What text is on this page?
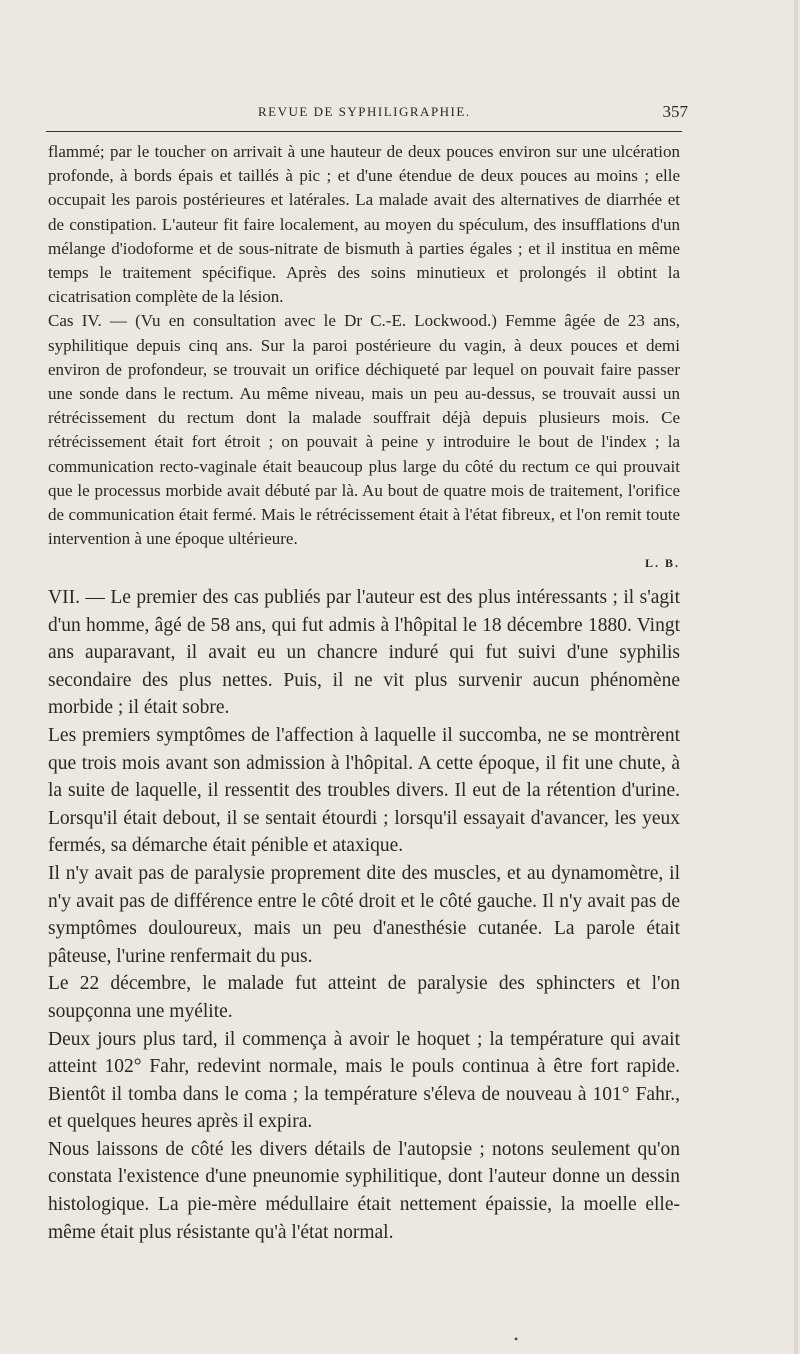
REVUE DE SYPHILIGRAPHIE.	357

flammé; par le toucher on arrivait à une hauteur de deux pouces environ sur une ulcération profonde, à bords épais et taillés à pic ; et d'une étendue de deux pouces au moins ; elle occupait les parois postérieures et latérales. La malade avait des alternatives de diarrhée et de constipation. L'auteur fit faire localement, au moyen du spéculum, des insufflations d'un mélange d'iodoforme et de sous-nitrate de bismuth à parties égales ; et il institua en même temps le traitement spécifique. Après des soins minutieux et prolongés il obtint la cicatrisation complète de la lésion.

Cas IV. — (Vu en consultation avec le Dr C.-E. Lockwood.) Femme âgée de 23 ans, syphilitique depuis cinq ans. Sur la paroi postérieure du vagin, à deux pouces et demi environ de profondeur, se trouvait un orifice déchiqueté par lequel on pouvait faire passer une sonde dans le rectum. Au même niveau, mais un peu au-dessus, se trouvait aussi un rétrécissement du rectum dont la malade souffrait déjà depuis plusieurs mois. Ce rétrécissement était fort étroit ; on pouvait à peine y introduire le bout de l'index ; la communication recto-vaginale était beaucoup plus large du côté du rectum ce qui prouvait que le processus morbide avait débuté par là. Au bout de quatre mois de traitement, l'orifice de communication était fermé. Mais le rétrécissement était à l'état fibreux, et l'on remit toute intervention à une époque ultérieure.

L. B.

VII. — Le premier des cas publiés par l'auteur est des plus intéressants ; il s'agit d'un homme, âgé de 58 ans, qui fut admis à l'hôpital le 18 décembre 1880. Vingt ans auparavant, il avait eu un chancre induré qui fut suivi d'une syphilis secondaire des plus nettes. Puis, il ne vit plus survenir aucun phénomène morbide ; il était sobre.

Les premiers symptômes de l'affection à laquelle il succomba, ne se montrèrent que trois mois avant son admission à l'hôpital. A cette époque, il fit une chute, à la suite de laquelle, il ressentit des troubles divers. Il eut de la rétention d'urine. Lorsqu'il était debout, il se sentait étourdi ; lorsqu'il essayait d'avancer, les yeux fermés, sa démarche était pénible et ataxique.

Il n'y avait pas de paralysie proprement dite des muscles, et au dynamomètre, il n'y avait pas de différence entre le côté droit et le côté gauche. Il n'y avait pas de symptômes douloureux, mais un peu d'anesthésie cutanée. La parole était pâteuse, l'urine renfermait du pus.

Le 22 décembre, le malade fut atteint de paralysie des sphincters et l'on soupçonna une myélite.

Deux jours plus tard, il commença à avoir le hoquet ; la température qui avait atteint 102° Fahr, redevint normale, mais le pouls continua à être fort rapide. Bientôt il tomba dans le coma ; la température s'éleva de nouveau à 101° Fahr., et quelques heures après il expira.

Nous laissons de côté les divers détails de l'autopsie ; notons seulement qu'on constata l'existence d'une pneunomie syphilitique, dont l'auteur donne un dessin histologique. La pie-mère médullaire était nettement épaissie, la moelle elle-même était plus résistante qu'à l'état normal.

•
